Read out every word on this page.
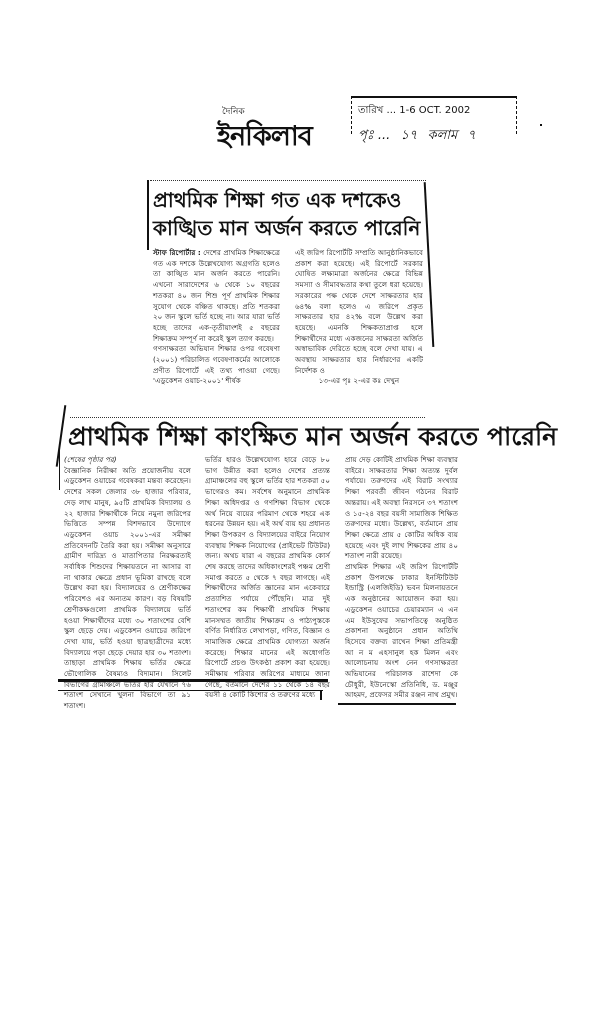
দৈনিক
ইনকিলাব
তারিখ ... 1-6 OCT. 2002
পৃঃ ... ১৭ কলাম ৭
প্রাথমিক শিক্ষা গত এক দশকেও
কাঙ্খিত মান অর্জন করতে পারেনি
স্টাফ রিপোর্টার : দেশের প্রাথমিক শিক্ষাক্ষেত্রে গত এক দশকে উল্লেখযোগ্য অগ্রগতি হলেও তা কাঙ্খিত মান অর্জন করতে পারেনি। এখনো সারাদেশের ৬ থেকে ১০ বছরের শতকরা ৪০ জন শিশু পূর্ণ প্রাথমিক শিক্ষার সুযোগ থেকে বঞ্চিত থাকছে। প্রতি শতকরা ২০ জন স্কুলে ভর্তি হচ্ছে না। আর যারা ভর্তি হচ্ছে তাদের এক-তৃতীয়াংশই ৫ বছরের শিক্ষাক্রম সম্পূর্ণ না করেই স্কুল ত্যাগ করছে।
গণসাক্ষরতা অভিযান শিক্ষার ওপর গবেষণা (২০০১) পরিচালিত গবেষণাকর্মের আলোকে প্রণীত রিপোর্টে এই তথ্য পাওয়া গেছে। 'এডুকেশন ওয়াচ-২০০১' শীর্ষক
এই জরিপ রিপোর্টটি সম্প্রতি আনুষ্ঠানিকভাবে প্রকাশ করা হয়েছে। এই রিপোর্টে সরকার ঘোষিত লক্ষ্যমাত্রা অর্জনের ক্ষেত্রে বিভিন্ন সমস্যা ও সীমাবদ্ধতার কথা তুলে ধরা হয়েছে। সরকারের পক্ষ থেকে দেশে সাক্ষরতার হার ৬৪% বলা হলেও এ জরিপে প্রকৃত সাক্ষরতার হার ৪২% বলে উল্লেখ করা হয়েছে। এমনকি শিক্ষকতাপ্রাপ্ত হলে শিক্ষার্থীদের মধ্যে একজনের সাক্ষরতা অর্জিত অস্বাভাবিক দেরিতে হচ্ছে বলে দেখা যায়। এ অবস্থায় সাক্ষরতার হার নির্ধারণের একটি নির্দেশক ও
১৩-এর পৃঃ ২-এর কঃ দেখুন
প্রাথমিক শিক্ষা কাংক্ষিত মান অর্জন করতে পারেনি
(শেষের পৃষ্ঠার পর)
বৈজ্ঞানিক নিরীক্ষা অতি প্রয়োজনীয় বলে এডুকেশন ওয়াচের গবেষকরা মন্তব্য করেছেন। দেশের সকল জেলার ৩৮ হাজার পরিবার, দেড় লাখ মানুষ, ৯৫টি প্রাথমিক বিদ্যালয় ও ২২ হাজার শিক্ষার্থীকে নিয়ে নমুনা জরিপের ভিত্তিতে সম্পন্ন বিশদভাবে উদ্যোগে এডুকেশন ওয়াচ ২০০১-এর সমীক্ষা প্রতিবেদনটি তৈরি করা হয়। সমীক্ষা অনুসারে গ্রামীণ দারিদ্র্য ও মাতাপিতার নিরক্ষরতাই সর্বাধিক শিশুদের শিক্ষায়তনে না আসার বা না থাকার ক্ষেত্রে প্রধান ভূমিকা রাখছে বলে উল্লেখ করা হয়। বিদ্যালয়ের ও শ্রেণীকক্ষের পরিবেশও এর অন্যতম কারণ। বড় বিষয়টি শ্রেণীকক্ষগুলো প্রাথমিক বিদ্যালয়ে ভর্তি হওয়া শিক্ষার্থীদের মধ্যে ৩০ শতাংশের বেশি স্কুল ছেড়ে দেয়। এডুকেশন ওয়াচের জরিপে দেখা যায়, ভর্তি হওয়া ছাত্রছাত্রীদের মধ্যে বিদ্যালয়ে পড়া ছেড়ে দেয়ার হার ৩০ শতাংশ। তাছাড়া প্রাথমিক শিক্ষায় ভর্তির ক্ষেত্রে ভৌগোলিক বৈষম্যও বিদ্যমান। সিলেট বিভাগের গ্রামাঞ্চলে ভর্তির হার যেখানে ৭৬ শতাংশ সেখানে খুলনা বিভাগে তা ৯১ শতাংশ।
ভর্তির হারও উল্লেখযোগ্য হারে বেড়ে ৮০ ভাগ উন্নীত করা হলেও দেশের প্রত্যন্ত গ্রামাঞ্চলের বহু স্কুলে ভর্তির হার শতকরা ৫০ ভাগেরও কম। সর্বশেষ অনুমানে প্রাথমিক শিক্ষা অধিদপ্তর ও গণশিক্ষা বিভাগ থেকে অর্থ নিয়ে ব্যয়ের পরিমাণ থেকে শহরে এক ধরনের উন্নয়ন হয়। এই অর্থ ব্যয় হয় প্রধানত শিক্ষা উপকরণ ও বিদ্যালয়ের বাইরে নিয়োগ ব্যবস্থায় শিক্ষক নিয়োগের (প্রাইভেট টিউটর) জন্য। অথচ যারা এ বছরের প্রাথমিক কোর্স শেষ করছে তাদের অধিকাংশেরই পঞ্চম শ্রেণী সমাপ্ত করতে ৫ থেকে ৭ বছর লাগছে। এই শিক্ষার্থীদের অর্জিত জ্ঞানের মান একেবারে প্রত্যাশিত পর্যায়ে পৌঁছেনি। মাত্র দুই শতাংশের কম শিক্ষার্থী প্রাথমিক শিক্ষায় মানসম্মত জাতীয় শিক্ষাক্রম ও পাঠ্যপুস্তকে বর্ণিত নির্ধারিত লেখাপড়া, গণিত, বিজ্ঞান ও সামাজিক ক্ষেত্রে প্রাথমিক যোগ্যতা অর্জন করেছে। শিক্ষার মানের এই অধোগতি রিপোর্টে প্রচণ্ড উৎকণ্ঠা প্রকাশ করা হয়েছে। সমীক্ষায় পরিবার জরিপের মাধ্যমে জানা গেছে, বর্তমানে দেশের ১১ থেকে ১৪ বছর বয়সী ৪ কোটি কিশোর ও তরুণের মধ্যে
প্রায় দেড় কোটিই প্রাথমিক শিক্ষা ব্যবস্থার বাইরে। সাক্ষরতার শিক্ষা অত্যন্ত দুর্বল পর্যায়ে। তরুণদের এই বিরাট সংখ্যার শিক্ষা পরবর্তী জীবন গঠনের বিরাট অন্তরায়। এই অবস্থা নিরসনে ৩৭ শতাংশ ও ১৫-২৪ বছর বয়সী সামাজিক শিক্ষিত তরুণদের মধ্যে। উল্লেখ্য, বর্তমানে প্রায় শিক্ষা ক্ষেত্রে প্রায় ৫ কোটির অধিক ব্যয় হয়েছে এবং দুই লাখ শিক্ষকের প্রায় ৪০ শতাংশ নারী রয়েছে।
প্রাথমিক শিক্ষার এই জরিপ রিপোর্টটি প্রকাশ উপলক্ষে ঢাকার ইনস্টিটিউট ইন্ডাস্ট্রি (এলজিইডি) ভবন মিলনায়তনে এক অনুষ্ঠানের আয়োজন করা হয়। এডুকেশন ওয়াচের চেয়ারম্যান এ এন এম ইউসুফের সভাপতিত্বে অনুষ্ঠিত প্রকাশনা অনুষ্ঠানে প্রধান অতিথি হিসেবে বক্তব্য রাখেন শিক্ষা প্রতিমন্ত্রী আ ন ম এহসানুল হক মিলন এবং আলোচনায় অংশ নেন গণসাক্ষরতা অভিযানের পরিচালক রাশেদা কে চৌধুরী, ইউনেস্কো প্রতিনিধি, ড. মঞ্জুর আহমদ, প্রফেসর সমীর রঞ্জন নাথ প্রমুখ।
